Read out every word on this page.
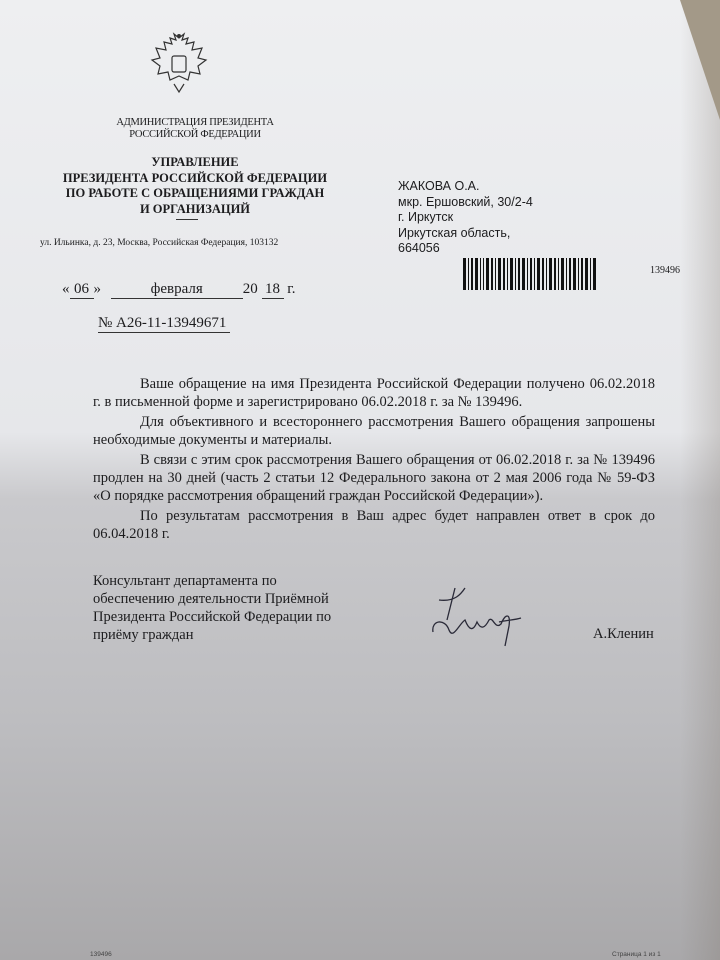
АДМИНИСТРАЦИЯ ПРЕЗИДЕНТА
РОССИЙСКОЙ ФЕДЕРАЦИИ
УПРАВЛЕНИЕ
ПРЕЗИДЕНТА РОССИЙСКОЙ ФЕДЕРАЦИИ
ПО РАБОТЕ С ОБРАЩЕНИЯМИ ГРАЖДАН
И ОРГАНИЗАЦИЙ
ул. Ильинка, д. 23, Москва, Российская Федерация, 103132
« 06 »	февраля	20 18 г.
№ А26-11-13949671
ЖАКОВА О.А.
мкр. Ершовский, 30/2-4
г. Иркутск
Иркутская область,
664056
139496

Ваше обращение на имя Президента Российской Федерации получено 06.02.2018 г. в письменной форме и зарегистрировано 06.02.2018 г. за № 139496.

Для объективного и всестороннего рассмотрения Вашего обращения запрошены необходимые документы и материалы.

В связи с этим срок рассмотрения Вашего обращения от 06.02.2018 г. за № 139496 продлен на 30 дней (часть 2 статьи 12 Федерального закона от 2 мая 2006 года № 59-ФЗ «О порядке рассмотрения обращений граждан Российской Федерации»).

По результатам рассмотрения в Ваш адрес будет направлен ответ в срок до 06.04.2018 г.

Консультант департамента по
обеспечению деятельности Приёмной
Президента Российской Федерации по
приёму граждан	А.Кленин
139496	Страница 1 из 1
